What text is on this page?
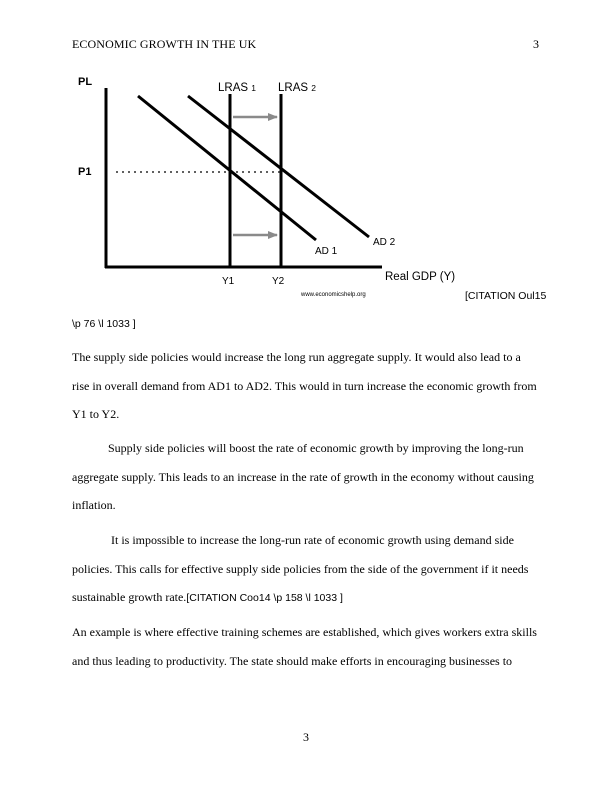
ECONOMIC GROWTH IN THE UK	3
PL
P1
LRAS 1 LRAS 2
AD 1
AD 2
Y1	Y2	Real GDP (Y)
www.economicshelp.org	[CITATION Oul15
\p 76 \l 1033 ]
The supply side policies would increase the long run aggregate supply. It would also lead to a rise in overall demand from AD1 to AD2. This would in turn increase the economic growth from Y1 to Y2.
Supply side policies will boost the rate of economic growth by improving the long-run aggregate supply. This leads to an increase in the rate of growth in the economy without causing inflation.
It is impossible to increase the long-run rate of economic growth using demand side policies. This calls for effective supply side policies from the side of the government if it needs sustainable growth rate.[CITATION Coo14 \p 158 \l 1033 ]
An example is where effective training schemes are established, which gives workers extra skills and thus leading to productivity. The state should make efforts in encouraging businesses to
3
